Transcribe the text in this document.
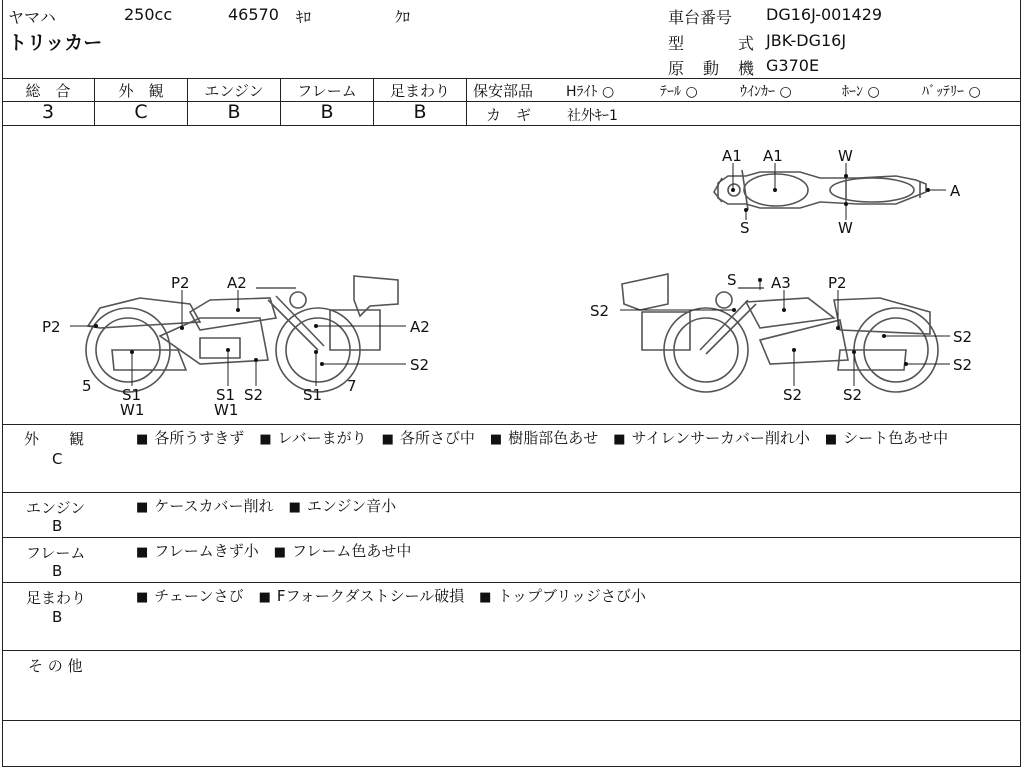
ヤマハ	250cc	46570 ｷﾛ	ｸﾛ
トリッカー
車台番号 DG16J-001429
型	式 JBK-DG16J
原 動 機 G370E
総　合	外　観	エンジン	フレーム	足まわり
3	C	B	B	B
保安部品 Hﾗｲﾄ ○	ﾃｰﾙ ○	ｳｲﾝｶｰ ○	ﾎｰﾝ ○	ﾊﾞｯﾃﾘｰ ○
カ　ギ	社外ｷｰ1
A1 A1	W
A
S	W
P2 A2
P2	A2
S2
5 S1
W1
S1
W1
S2	S1 7
S A3 P2
S2
S2
S2
S2	S2
外　　観
C
■ 各所うすきず　 ■ レバーまがり　 ■ 各所さび中　 ■ 樹脂部色あせ　 ■ サイレンサーカバー削れ小　 ■ シート色あせ中
エンジン
B
■ ケースカバー削れ　 ■ エンジン音小
フレーム
B
■ フレームきず小　 ■ フレーム色あせ中
足まわり
B
■ チェーンさび　 ■ Fフォークダストシール破損　 ■ トップブリッジさび小
そ の 他
